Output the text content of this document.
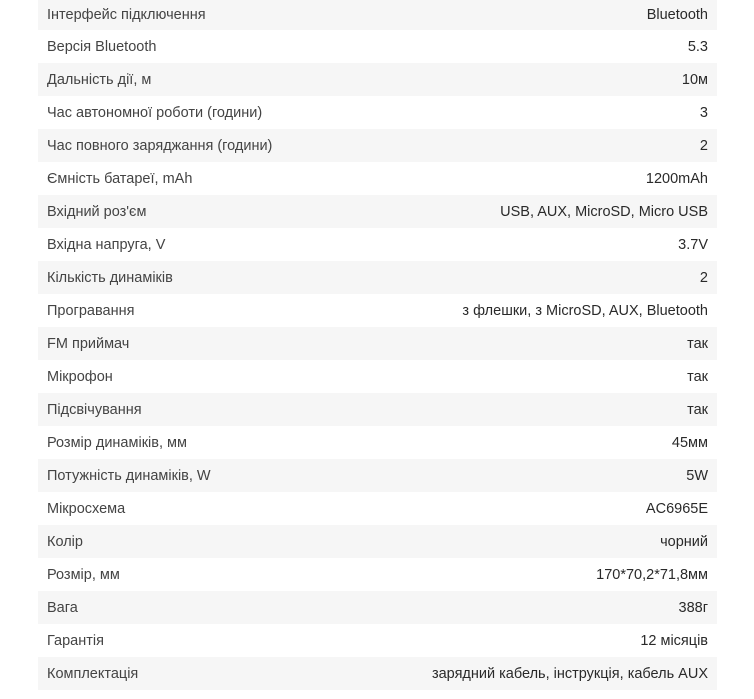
Інтерфейс підключення	Bluetooth
Версія Bluetooth	5.3
Дальність дії, м	10м
Час автономної роботи (години)	3
Час повного заряджання (години)	2
Ємність батареї, mAh	1200mAh
Вхідний роз'єм	USB, AUX, MicroSD, Micro USB
Вхідна напруга, V	3.7V
Кількість динаміків	2
Програвання	з флешки, з MicroSD, AUX, Bluetooth
FM приймач	так
Мікрофон	так
Підсвічування	так
Розмір динаміків, мм	45мм
Потужність динаміків, W	5W
Мікросхема	AC6965E
Колір	чорний
Розмір, мм	170*70,2*71,8мм
Вага	388г
Гарантія	12 місяців
Комплектація	зарядний кабель, інструкція, кабель AUX
